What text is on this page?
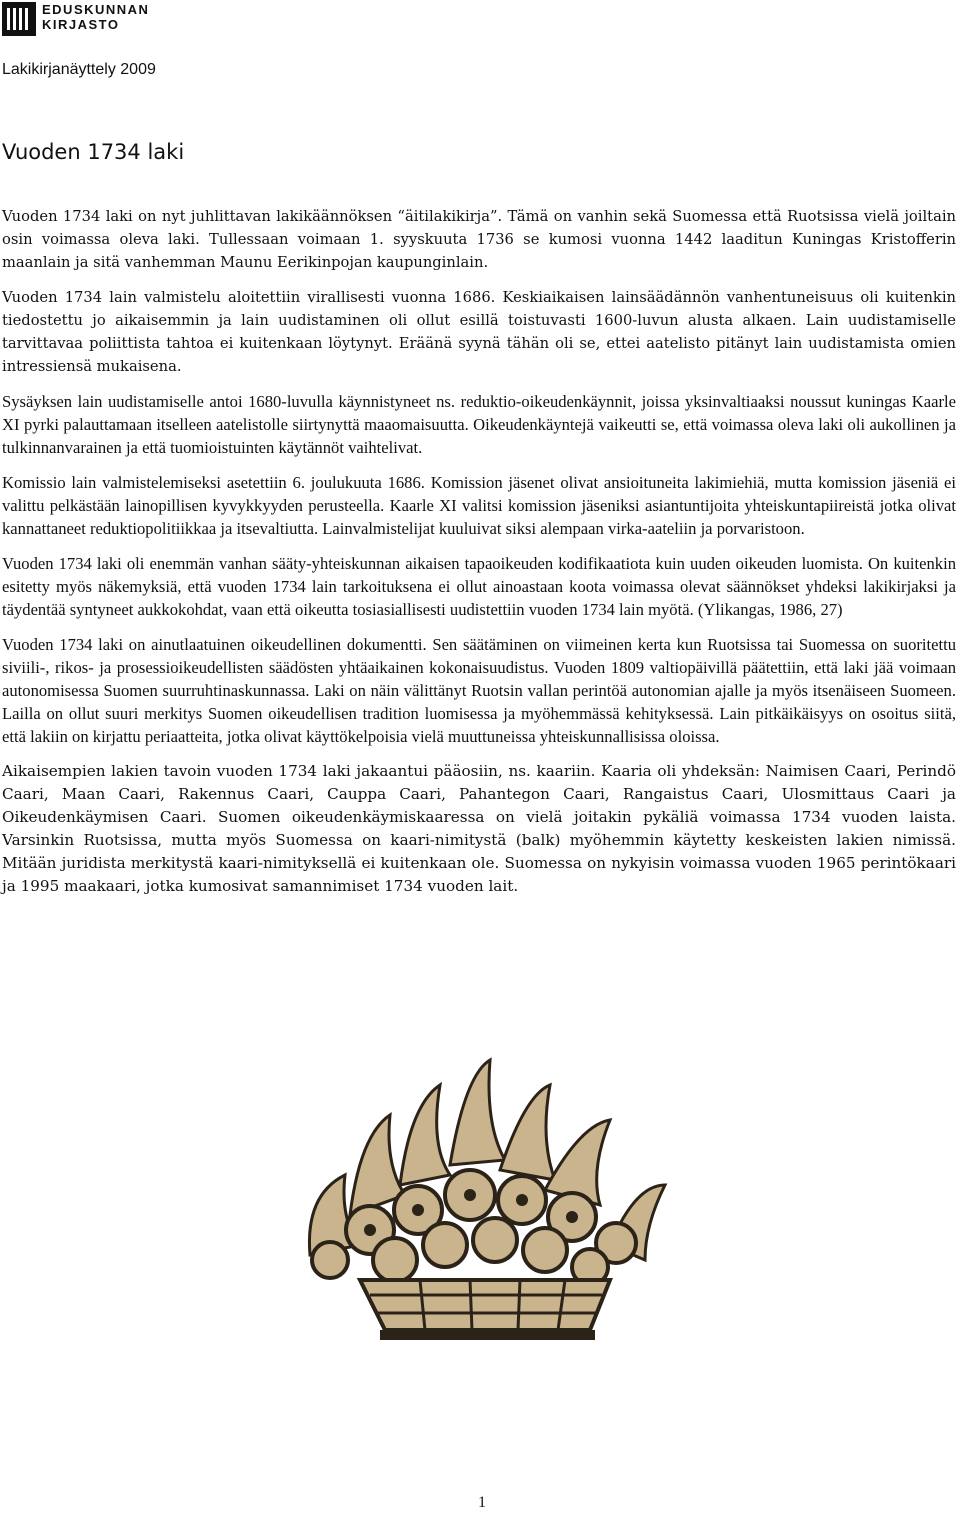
EDUSKUNNAN
KIRJASTO
Lakikirjanäyttely 2009
Vuoden 1734 laki

Vuoden 1734 laki on nyt juhlittavan lakikäännöksen “äitilakikirja”. Tämä on vanhin sekä Suomessa että Ruotsissa vielä joiltain osin voimassa oleva laki. Tullessaan voimaan 1. syyskuuta 1736 se kumosi vuonna 1442 laaditun Kuningas Kristofferin maanlain ja sitä vanhemman Maunu Eerikinpojan kaupunginlain.

Vuoden 1734 lain valmistelu aloitettiin virallisesti vuonna 1686. Keskiaikaisen lainsäädännön vanhentuneisuus oli kuitenkin tiedostettu jo aikaisemmin ja lain uudistaminen oli ollut esillä toistuvasti 1600-luvun alusta alkaen. Lain uudistamiselle tarvittavaa poliittista tahtoa ei kuitenkaan löytynyt. Eräänä syynä tähän oli se, ettei aatelisto pitänyt lain uudistamista omien intressiensä mukaisena.

Sysäyksen lain uudistamiselle antoi 1680-luvulla käynnistyneet ns. reduktio-oikeudenkäynnit, joissa yksinvaltiaaksi noussut kuningas Kaarle XI pyrki palauttamaan itselleen aatelistolle siirtynyttä maaomaisuutta. Oikeudenkäyntejä vaikeutti se, että voimassa oleva laki oli aukollinen ja tulkinnanvarainen ja että tuomioistuinten käytännöt vaihtelivat.

Komissio lain valmistelemiseksi asetettiin 6. joulukuuta 1686. Komission jäsenet olivat ansioituneita lakimiehiä, mutta komission jäseniä ei valittu pelkästään lainopillisen kyvykkyyden perusteella. Kaarle XI valitsi komission jäseniksi asiantuntijoita yhteiskuntapiireistä jotka olivat kannattaneet reduktiopolitiikkaa ja itsevaltiutta. Lainvalmistelijat kuuluivat siksi alempaan virka-aateliin ja porvaristoon.

Vuoden 1734 laki oli enemmän vanhan sääty-yhteiskunnan aikaisen tapaoikeuden kodifikaatiota kuin uuden oikeuden luomista. On kuitenkin esitetty myös näkemyksiä, että vuoden 1734 lain tarkoituksena ei ollut ainoastaan koota voimassa olevat säännökset yhdeksi lakikirjaksi ja täydentää syntyneet aukkokohdat, vaan että oikeutta tosiasiallisesti uudistettiin vuoden 1734 lain myötä. (Ylikangas, 1986, 27)

Vuoden 1734 laki on ainutlaatuinen oikeudellinen dokumentti. Sen säätäminen on viimeinen kerta kun Ruotsissa tai Suomessa on suoritettu siviili-, rikos- ja prosessioikeudellisten säädösten yhtäaikainen kokonaisuudistus. Vuoden 1809 valtiopäivillä päätettiin, että laki jää voimaan autonomisessa Suomen suurruhtinaskunnassa. Laki on näin välittänyt Ruotsin vallan perintöä autonomian ajalle ja myös itsenäiseen Suomeen. Lailla on ollut suuri merkitys Suomen oikeudellisen tradition luomisessa ja myöhemmässä kehityksessä. Lain pitkäikäisyys on osoitus siitä, että lakiin on kirjattu periaatteita, jotka olivat käyttökelpoisia vielä muuttuneissa yhteiskunnallisissa oloissa.

Aikaisempien lakien tavoin vuoden 1734 laki jakaantui pääosiin, ns. kaariin. Kaaria oli yhdeksän: Naimisen Caari, Perindö Caari, Maan Caari, Rakennus Caari, Cauppa Caari, Pahantegon Caari, Rangaistus Caari, Ulosmittaus Caari ja Oikeudenkäymisen Caari. Suomen oikeudenkäymiskaaressa on vielä joitakin pykäliä voimassa 1734 vuoden laista. Varsinkin Ruotsissa, mutta myös Suomessa on kaari-nimitystä (balk) myöhemmin käytetty keskeisten lakien nimissä. Mitään juridista merkitystä kaari-nimityksellä ei kuitenkaan ole. Suomessa on nykyisin voimassa vuoden 1965 perintökaari ja 1995 maakaari, jotka kumosivat samannimiset 1734 vuoden lait.

1
